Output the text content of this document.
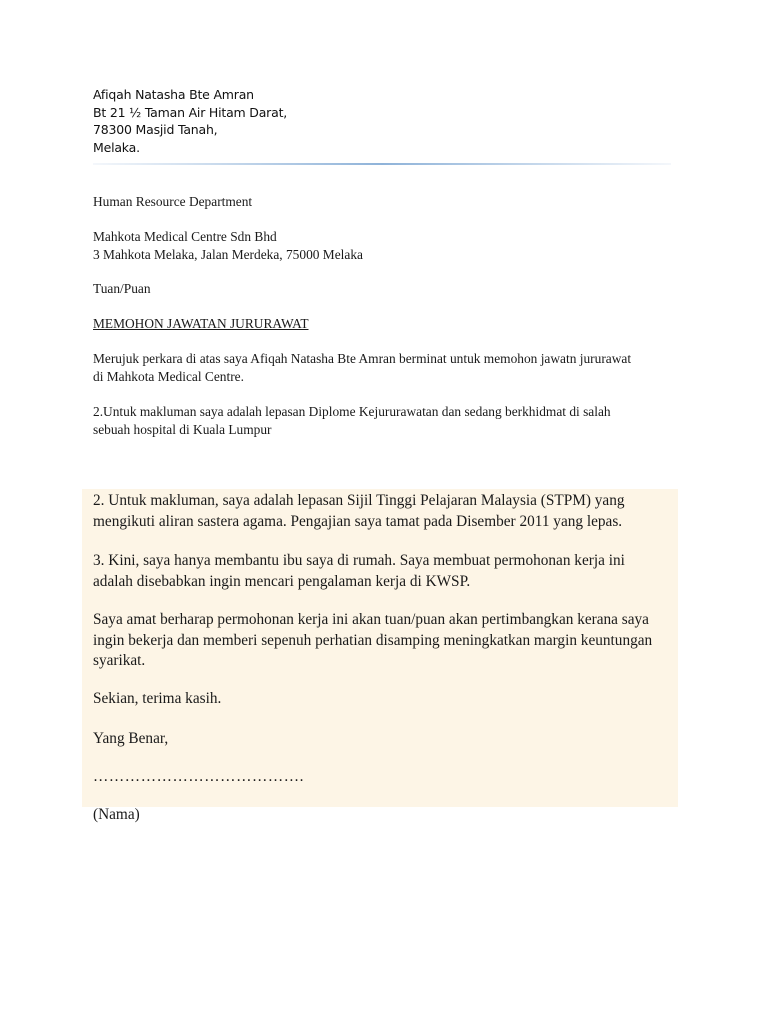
Afiqah Natasha Bte Amran
Bt 21 ½ Taman Air Hitam Darat,
78300 Masjid Tanah,
Melaka.
Human Resource Department
Mahkota Medical Centre Sdn Bhd
3 Mahkota Melaka, Jalan Merdeka, 75000 Melaka
Tuan/Puan
MEMOHON JAWATAN JURURAWAT
Merujuk perkara di atas saya Afiqah Natasha Bte Amran berminat untuk memohon jawatn jururawat
di Mahkota Medical Centre.
2.Untuk makluman saya adalah lepasan Diplome Kejururawatan dan sedang berkhidmat di salah
sebuah hospital di Kuala Lumpur
2. Untuk makluman, saya adalah lepasan Sijil Tinggi Pelajaran Malaysia (STPM) yang
mengikuti aliran sastera agama. Pengajian saya tamat pada Disember 2011 yang lepas.
3. Kini, saya hanya membantu ibu saya di rumah. Saya membuat permohonan kerja ini
adalah disebabkan ingin mencari pengalaman kerja di KWSP.
Saya amat berharap permohonan kerja ini akan tuan/puan akan pertimbangkan kerana saya
ingin bekerja dan memberi sepenuh perhatian disamping meningkatkan margin keuntungan
syarikat.
Sekian, terima kasih.
Yang Benar,
………………………………….
(Nama)
